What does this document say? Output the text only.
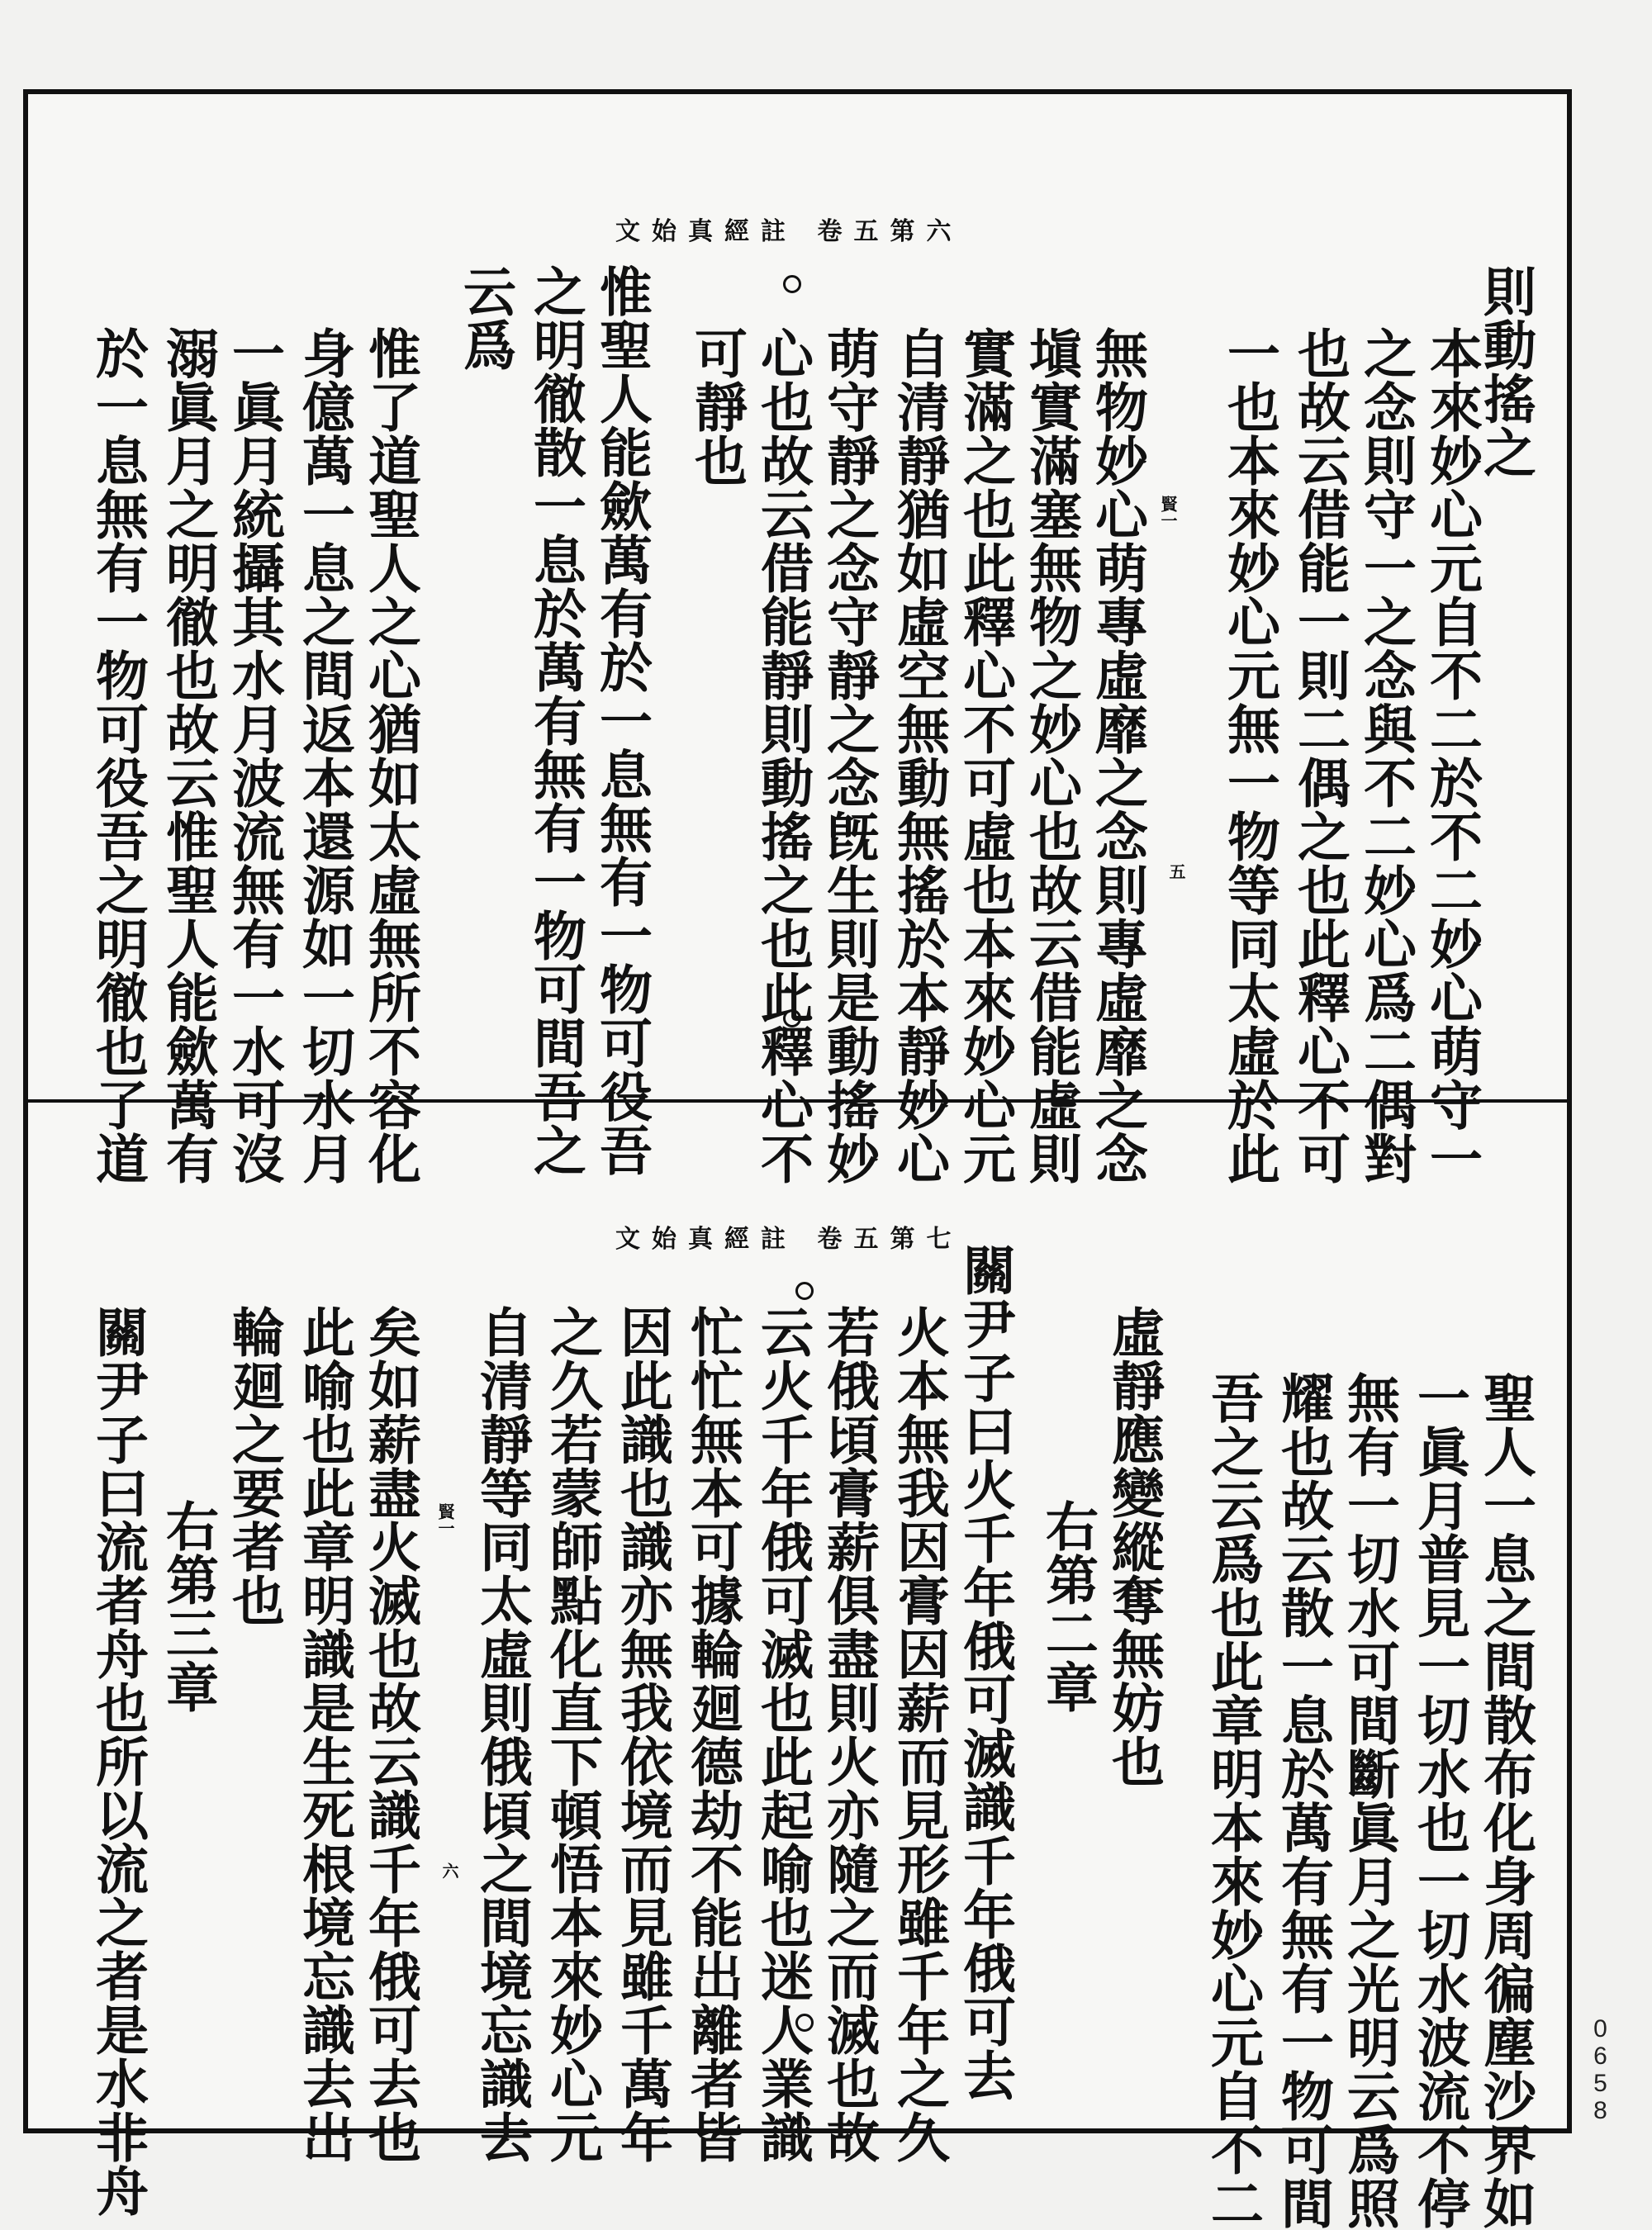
文始真經註 卷五第六
則動搖之
本來妙心元自不二於不二妙心萌守一
之念則守一之念與不二妙心爲二偶對
也故云借能一則二偶之也此釋心不可
一也本來妙心元無一物等同太虛於此
無物妙心萌專虛靡之念則專虛靡之念
塡實滿塞無物之妙心也故云借能虛則
實滿之也此釋心不可虛也本來妙心元
自清靜猶如虛空無動無搖於本靜妙心
萌守靜之念守靜之念旣生則是動搖妙
心也故云借能靜則動搖之也此釋心不
可靜也
惟聖人能歛萬有於一息無有一物可役吾
之明徹散一息於萬有無有一物可間吾之
云爲
惟了道聖人之心猶如太虛無所不容化
身億萬一息之間返本還源如一切水月
一眞月統攝其水月波流無有一水可沒
溺眞月之明徹也故云惟聖人能歛萬有
於一息無有一物可役吾之明徹也了道	賢一
五
文始真經註 卷五第七
聖人一息之間散布化身周徧塵沙界如
一眞月普見一切水也一切水波流不停
無有一切水可間斷眞月之光明云爲照
耀也故云散一息於萬有無有一物可間
吾之云爲也此章明本來妙心元自不二
虛靜應變縱奪無妨也
右第二章
關尹子曰火千年俄可滅識千年俄可去
火本無我因膏因薪而見形雖千年之久
若俄頃膏薪俱盡則火亦隨之而滅也故
云火千年俄可滅也此起喻也迷人業識
忙忙無本可據輪廻德劫不能出離者皆
因此識也識亦無我依境而見雖千萬年
之久若蒙師點化直下頓悟本來妙心元
自清靜等同太虛則俄頃之間境忘識去
矣如薪盡火滅也故云識千年俄可去也
此喻也此章明識是生死根境忘識去出
輪廻之要者也
右第三章
關尹子曰流者舟也所以流之者是水非舟	賢一
六
0658
